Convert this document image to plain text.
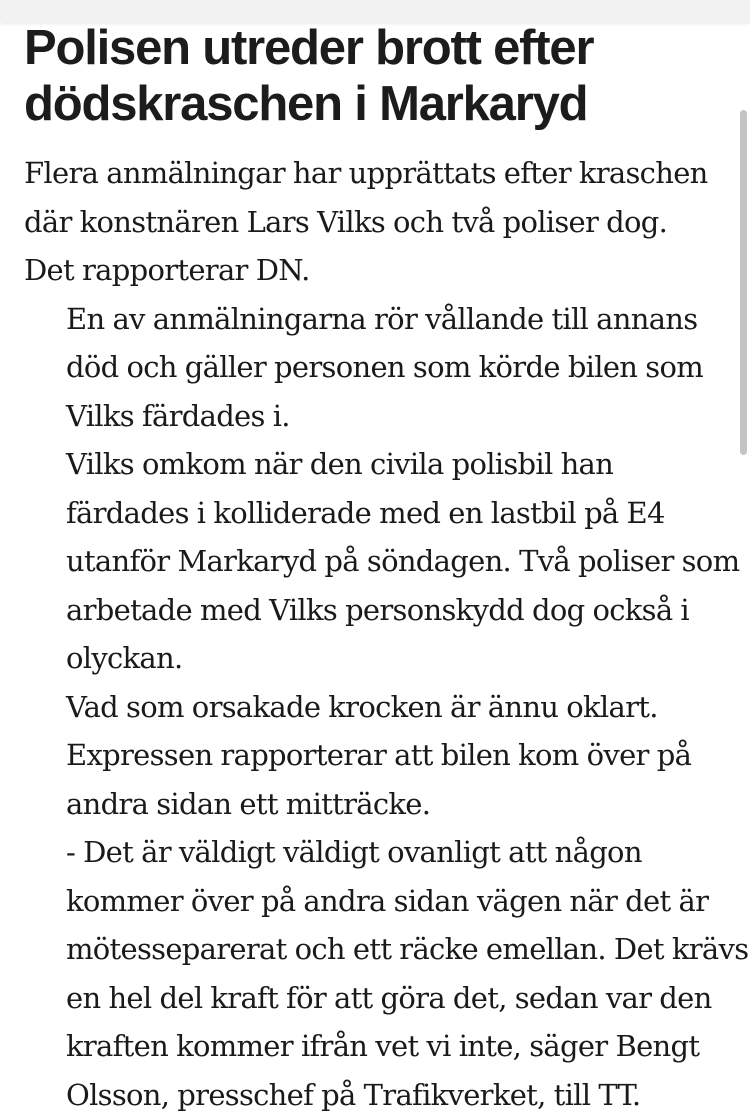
Polisen utreder brott efter
dödskraschen i Markaryd

Flera anmälningar har upprättats efter kraschen
där konstnären Lars Vilks och två poliser dog.
Det rapporterar DN.

En av anmälningarna rör vållande till annans
död och gäller personen som körde bilen som
Vilks färdades i.

Vilks omkom när den civila polisbil han
färdades i kolliderade med en lastbil på E4
utanför Markaryd på söndagen. Två poliser som
arbetade med Vilks personskydd dog också i
olyckan.

Vad som orsakade krocken är ännu oklart.
Expressen rapporterar att bilen kom över på
andra sidan ett mitträcke.

- Det är väldigt väldigt ovanligt att någon
kommer över på andra sidan vägen när det är
mötesseparerat och ett räcke emellan. Det krävs
en hel del kraft för att göra det, sedan var den
kraften kommer ifrån vet vi inte, säger Bengt
Olsson, presschef på Trafikverket, till TT.
